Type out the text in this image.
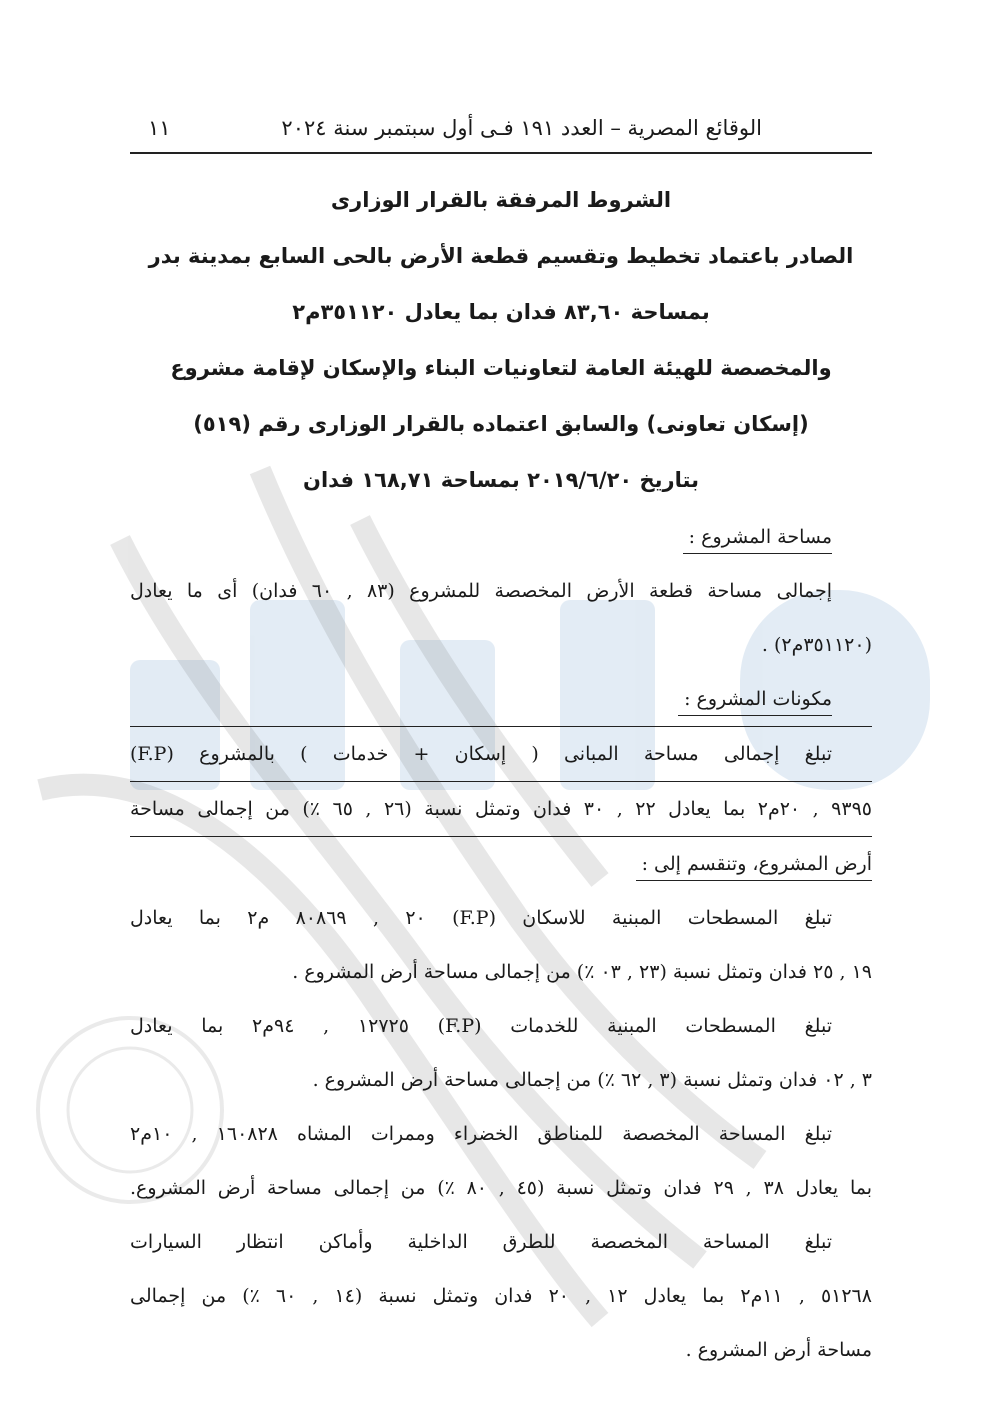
الوقائع المصرية – العدد ١٩١ فـى أول سبتمبر سنة ٢٠٢٤
١١
الشروط المرفقة بالقرار الوزارى
الصادر باعتماد تخطيط وتقسيم قطعة الأرض بالحى السابع بمدينة بدر
بمساحة ٨٣,٦٠ فدان بما يعادل ٣٥١١٢٠م٢
والمخصصة للهيئة العامة لتعاونيات البناء والإسكان لإقامة مشروع
(إسكان تعاونى) والسابق اعتماده بالقرار الوزارى رقم (٥١٩)
بتاريخ ٢٠١٩/٦/٢٠ بمساحة ١٦٨,٧١ فدان
مساحة المشروع :
إجمالى مساحة قطعة الأرض المخصصة للمشروع (٨٣ , ٦٠ فدان) أى ما يعادل
(٣٥١١٢٠م٢) .
مكونات المشروع :
تبلغ إجمالى مساحة المبانى ( إسكان + خدمات ) بالمشروع (F.P)
٩٣٩٥ , ٢٠م٢ بما يعادل ٢٢ , ٣٠ فدان وتمثل نسبة (٢٦ , ٦٥ ٪) من إجمالى مساحة
أرض المشروع، وتنقسم إلى :
تبلغ المسطحات المبنية للاسكان (F.P) ٢٠ , ٨٠٨٦٩ م٢ بما يعادل
١٩ , ٢٥ فدان وتمثل نسبة (٢٣ , ٠٣ ٪) من إجمالى مساحة أرض المشروع .
تبلغ المسطحات المبنية للخدمات (F.P) ١٢٧٢٥ , ٩٤م٢ بما يعادل
٣ , ٠٢ فدان وتمثل نسبة (٣ , ٦٢ ٪) من إجمالى مساحة أرض المشروع .
تبلغ المساحة المخصصة للمناطق الخضراء وممرات المشاه ١٦٠٨٢٨ , ١٠م٢
بما يعادل ٣٨ , ٢٩ فدان وتمثل نسبة (٤٥ , ٨٠ ٪) من إجمالى مساحة أرض المشروع.
تبلغ المساحة المخصصة للطرق الداخلية وأماكن انتظار السيارات
٥١٢٦٨ , ١١م٢ بما يعادل ١٢ , ٢٠ فدان وتمثل نسبة (١٤ , ٦٠ ٪) من إجمالى
مساحة أرض المشروع .
